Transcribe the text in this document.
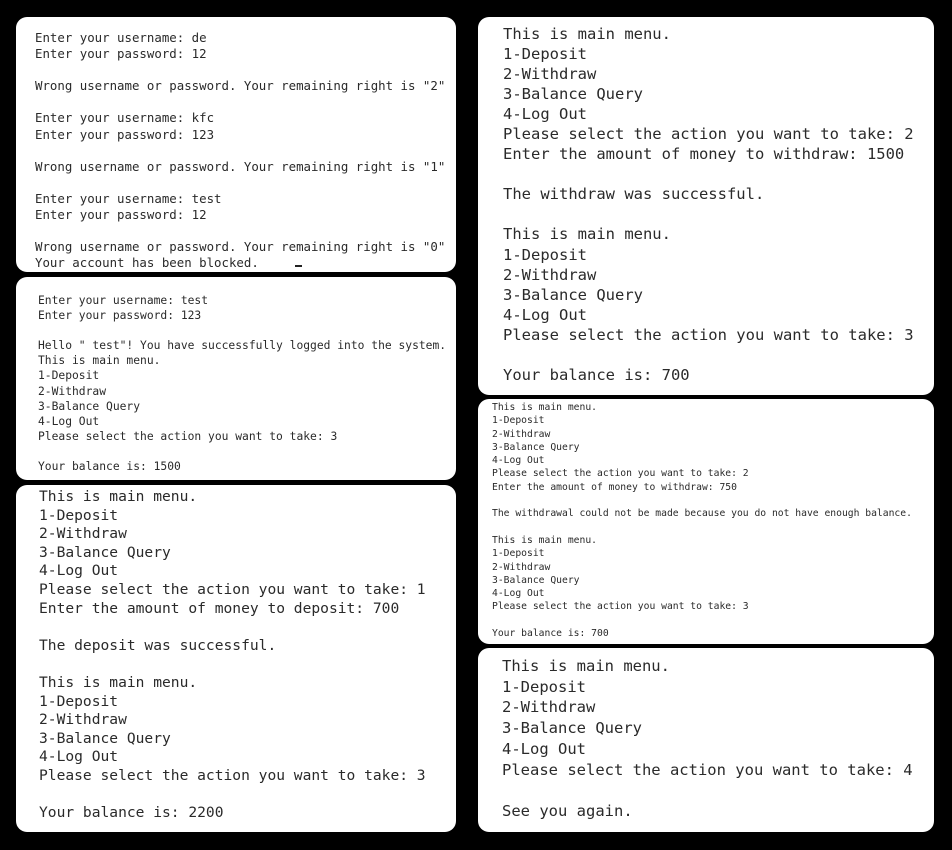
Enter your username: de
Enter your password: 12
Wrong username or password. Your remaining right is "2"
Enter your username: kfc
Enter your password: 123
Wrong username or password. Your remaining right is "1"
Enter your username: test
Enter your password: 12
Wrong username or password. Your remaining right is "0"
Your account has been blocked.
Enter your username: test
Enter your password: 123
Hello " test"! You have successfully logged into the system.
This is main menu.
1-Deposit
2-Withdraw
3-Balance Query
4-Log Out
Please select the action you want to take: 3
Your balance is: 1500
This is main menu.
1-Deposit
2-Withdraw
3-Balance Query
4-Log Out
Please select the action you want to take: 1
Enter the amount of money to deposit: 700
The deposit was successful.
This is main menu.
1-Deposit
2-Withdraw
3-Balance Query
4-Log Out
Please select the action you want to take: 3
Your balance is: 2200
This is main menu.
1-Deposit
2-Withdraw
3-Balance Query
4-Log Out
Please select the action you want to take: 2
Enter the amount of money to withdraw: 1500
The withdraw was successful.
This is main menu.
1-Deposit
2-Withdraw
3-Balance Query
4-Log Out
Please select the action you want to take: 3
Your balance is: 700
This is main menu.
1-Deposit
2-Withdraw
3-Balance Query
4-Log Out
Please select the action you want to take: 2
Enter the amount of money to withdraw: 750
The withdrawal could not be made because you do not have enough balance.
This is main menu.
1-Deposit
2-Withdraw
3-Balance Query
4-Log Out
Please select the action you want to take: 3
Your balance is: 700
This is main menu.
1-Deposit
2-Withdraw
3-Balance Query
4-Log Out
Please select the action you want to take: 4
See you again.
